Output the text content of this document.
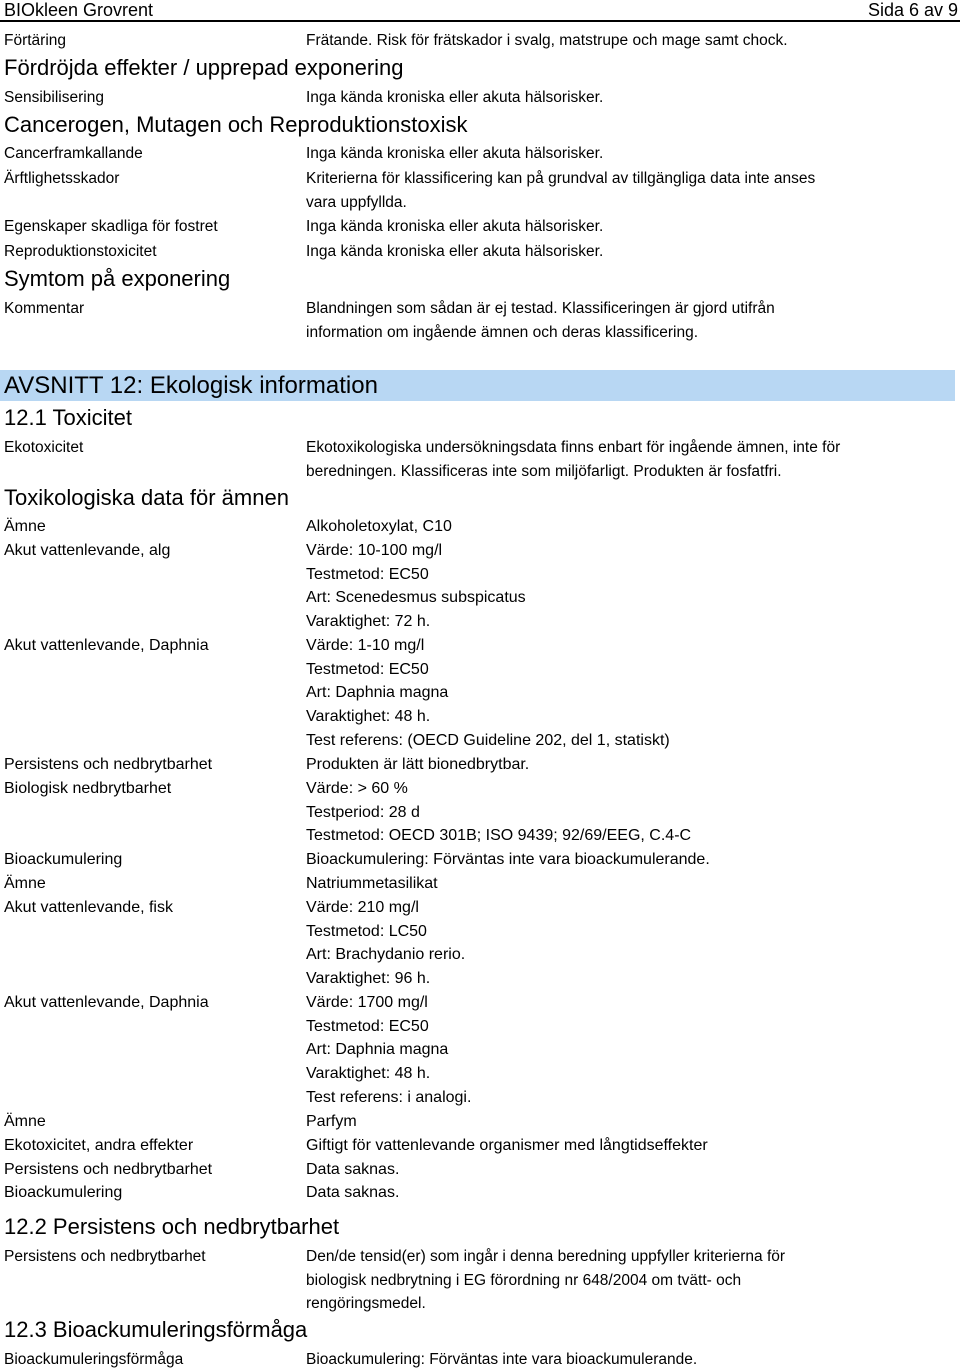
BIOkleen Grovrent	Sida 6 av 9
Förtäring	Frätande. Risk för frätskador i svalg, matstrupe och mage samt chock.
Fördröjda effekter / upprepad exponering
Sensibilisering	Inga kända kroniska eller akuta hälsorisker.
Cancerogen, Mutagen och Reproduktionstoxisk
Cancerframkallande	Inga kända kroniska eller akuta hälsorisker.
Ärftlighetsskador	Kriterierna för klassificering kan på grundval av tillgängliga data inte anses
vara uppfyllda.
Egenskaper skadliga för fostret	Inga kända kroniska eller akuta hälsorisker.
Reproduktionstoxicitet	Inga kända kroniska eller akuta hälsorisker.
Symtom på exponering
Kommentar	Blandningen som sådan är ej testad. Klassificeringen är gjord utifrån
information om ingående ämnen och deras klassificering.
AVSNITT 12: Ekologisk information
12.1 Toxicitet
Ekotoxicitet	Ekotoxikologiska undersökningsdata finns enbart för ingående ämnen, inte för
beredningen. Klassificeras inte som miljöfarligt. Produkten är fosfatfri.
Toxikologiska data för ämnen
Ämne	Alkoholetoxylat, C10
Akut vattenlevande, alg	Värde: 10-100 mg/l
Testmetod: EC50
Art: Scenedesmus subspicatus
Varaktighet: 72 h.
Akut vattenlevande, Daphnia	Värde: 1-10 mg/l
Testmetod: EC50
Art: Daphnia magna
Varaktighet: 48 h.
Test referens: (OECD Guideline 202, del 1, statiskt)
Persistens och nedbrytbarhet	Produkten är lätt bionedbrytbar.
Biologisk nedbrytbarhet	Värde: > 60 %
Testperiod: 28 d
Testmetod: OECD 301B; ISO 9439; 92/69/EEG, C.4-C
Bioackumulering	Bioackumulering: Förväntas inte vara bioackumulerande.
Ämne	Natriummetasilikat
Akut vattenlevande, fisk	Värde: 210 mg/l
Testmetod: LC50
Art: Brachydanio rerio.
Varaktighet: 96 h.
Akut vattenlevande, Daphnia	Värde: 1700 mg/l
Testmetod: EC50
Art: Daphnia magna
Varaktighet: 48 h.
Test referens: i analogi.
Ämne	Parfym
Ekotoxicitet, andra effekter	Giftigt för vattenlevande organismer med långtidseffekter
Persistens och nedbrytbarhet	Data saknas.
Bioackumulering	Data saknas.
12.2 Persistens och nedbrytbarhet
Persistens och nedbrytbarhet	Den/de tensid(er) som ingår i denna beredning uppfyller kriterierna för
biologisk nedbrytning i EG förordning nr 648/2004 om tvätt- och
rengöringsmedel.
12.3 Bioackumuleringsförmåga
Bioackumuleringsförmåga	Bioackumulering: Förväntas inte vara bioackumulerande.
